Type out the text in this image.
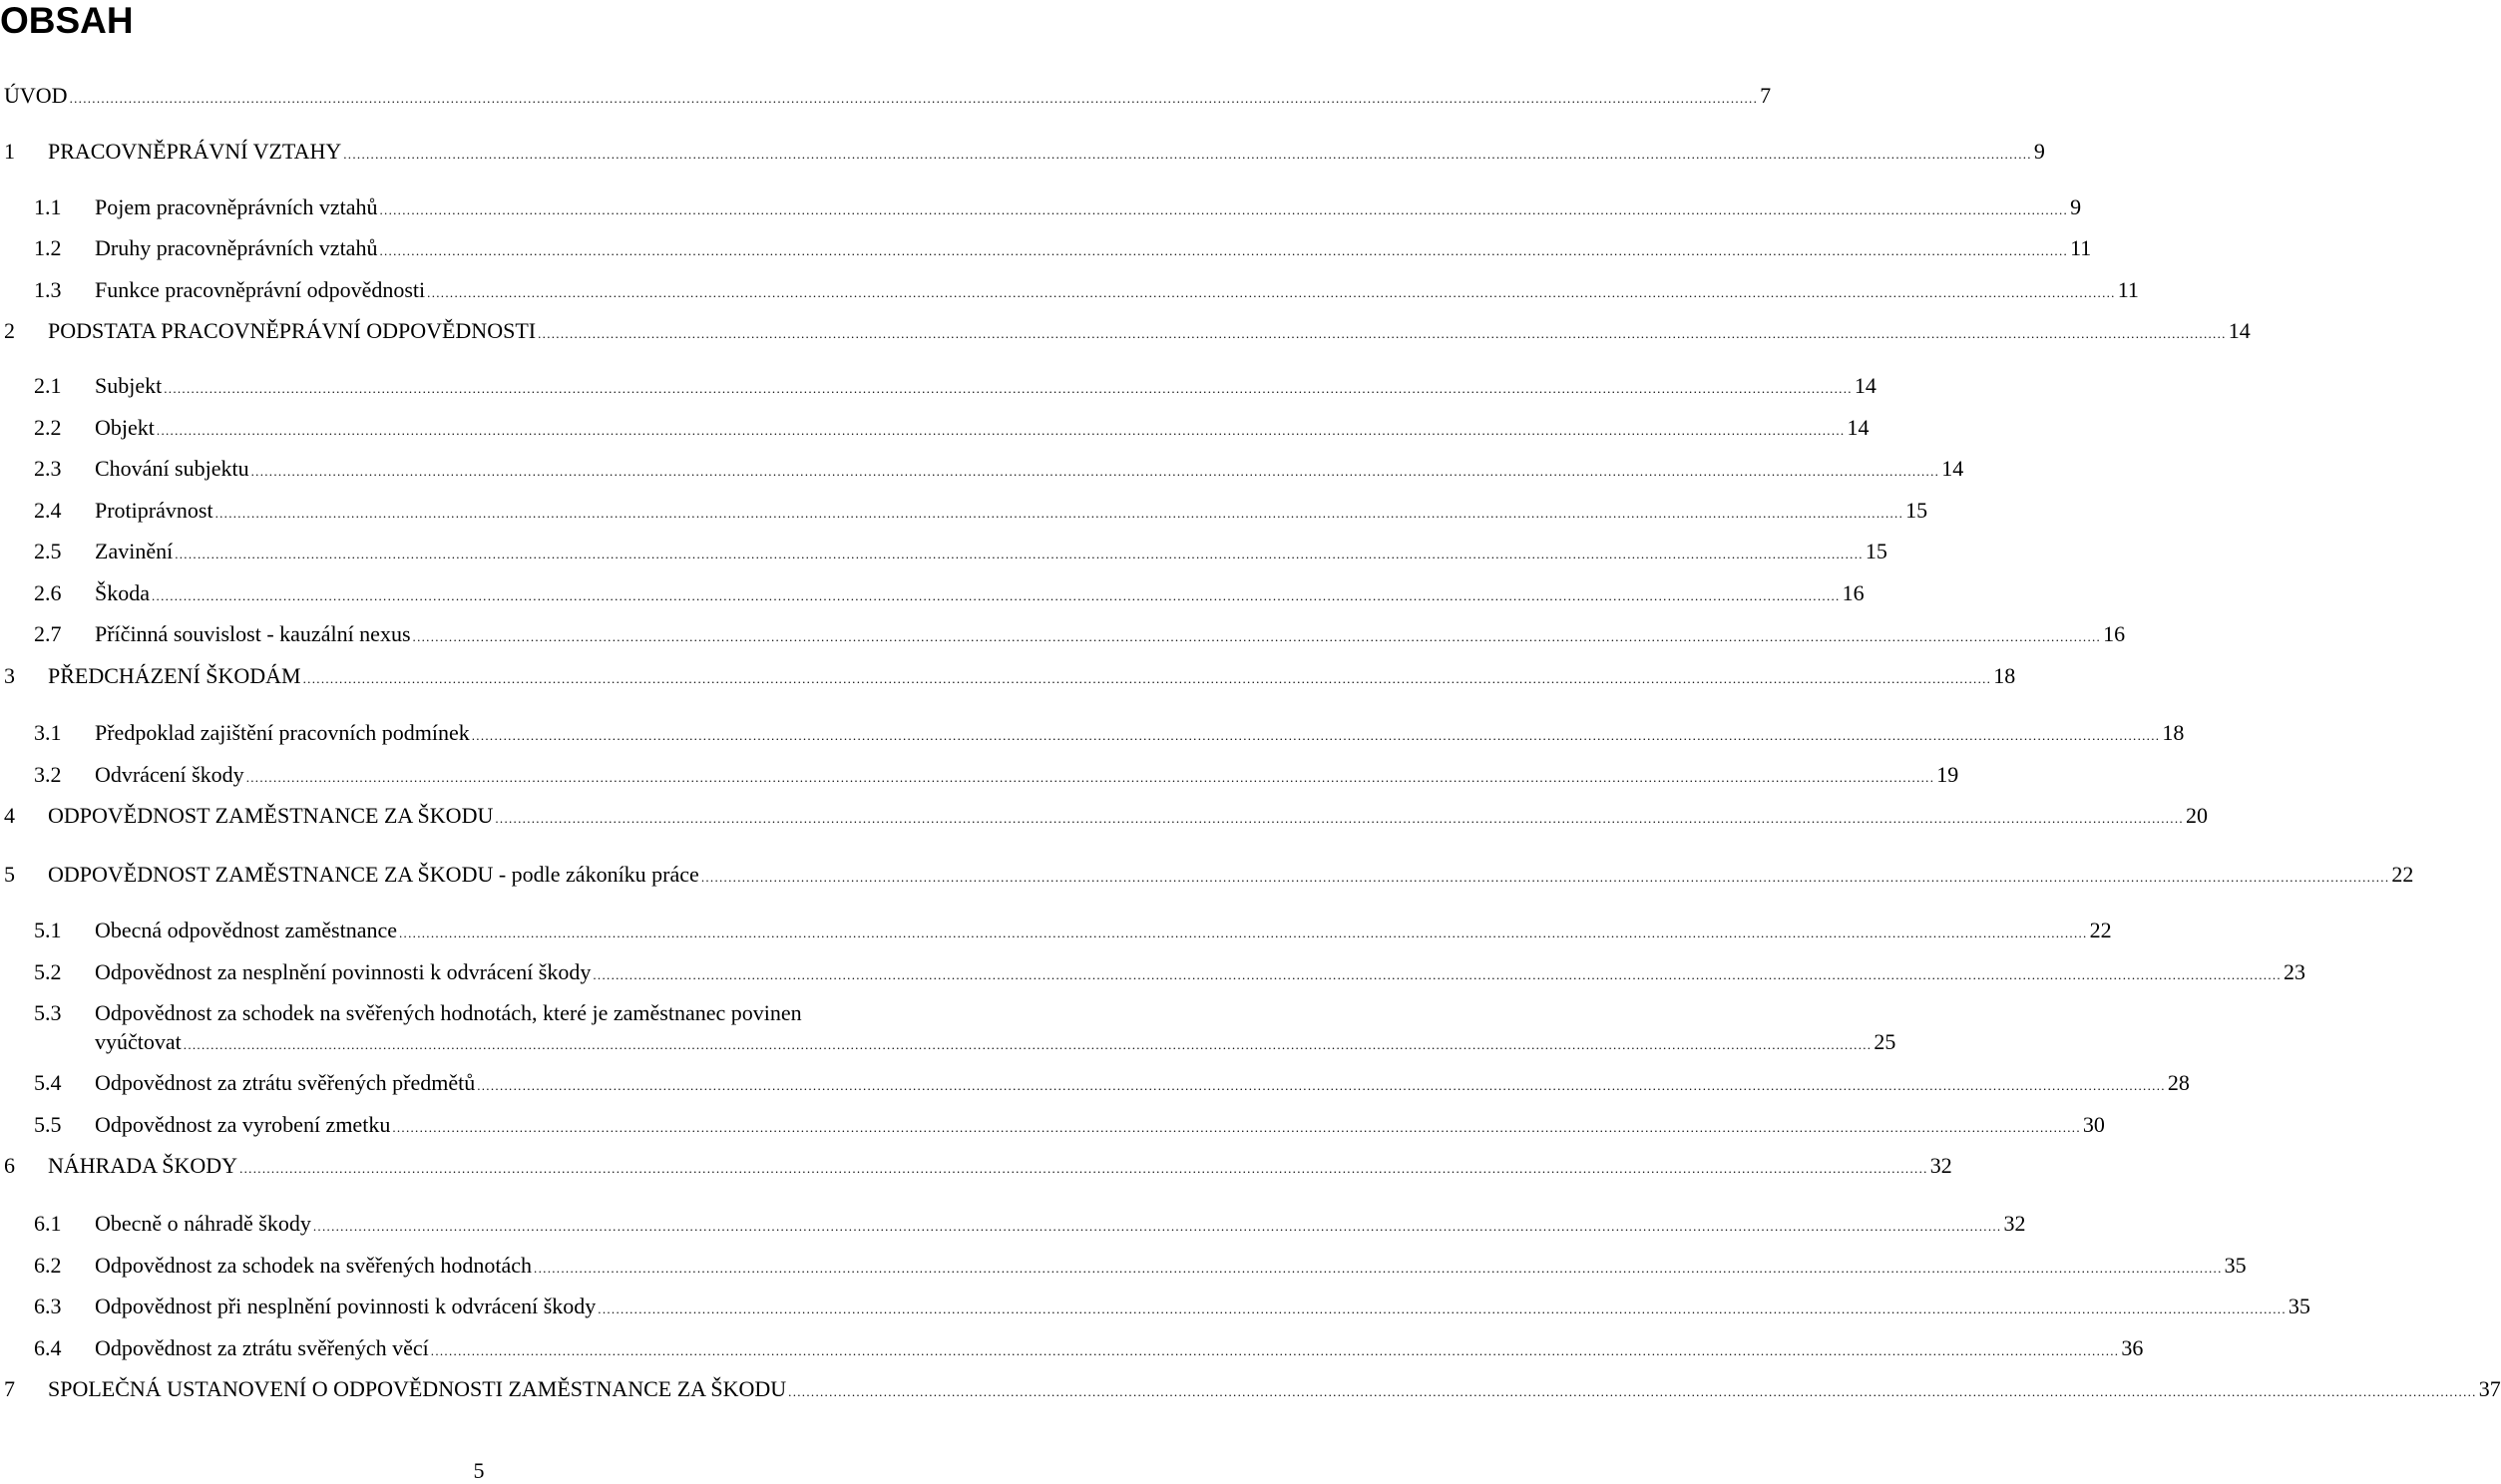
OBSAH
ÚVOD .....	7
1	PRACOVNĚPRÁVNÍ VZTAHY .....	9
1.1	Pojem pracovněprávních vztahů .....	9
1.2	Druhy pracovněprávních vztahů .....	11
1.3	Funkce pracovněprávní odpovědnosti .....	11
2	PODSTATA PRACOVNĚPRÁVNÍ ODPOVĚDNOSTI .....	14
2.1	Subjekt .....	14
2.2	Objekt .....	14
2.3	Chování subjektu .....	14
2.4	Protiprávnost .....	15
2.5	Zavinění .....	15
2.6	Škoda .....	16
2.7	Příčinná souvislost - kauzální nexus .....	16
3	PŘEDCHÁZENÍ ŠKODÁM .....	18
3.1	Předpoklad zajištění pracovních podmínek .....	18
3.2	Odvrácení škody .....	19
4	ODPOVĚDNOST ZAMĚSTNANCE ZA ŠKODU .....	20
5	ODPOVĚDNOST ZAMĚSTNANCE ZA ŠKODU - podle zákoníku práce .....	22
5.1	Obecná odpovědnost zaměstnance .....	22
5.2	Odpovědnost za nesplnění povinnosti k odvrácení škody .....	23
5.3 Odpovědnost za schodek na svěřených hodnotách, které je zaměstnanec povinen
vyúčtovat .....	25
5.4	Odpovědnost za ztrátu svěřených předmětů .....	28
5.5	Odpovědnost za vyrobení zmetku .....	30
6	NÁHRADA ŠKODY .....	32
6.1	Obecně o náhradě škody .....	32
6.2	Odpovědnost za schodek na svěřených hodnotách .....	35
6.3	Odpovědnost při nesplnění povinnosti k odvrácení škody .....	35
6.4	Odpovědnost za ztrátu svěřených věcí .....	36
7	SPOLEČNÁ USTANOVENÍ O ODPOVĚDNOSTI ZAMĚSTNANCE ZA ŠKODU .....	37
5
